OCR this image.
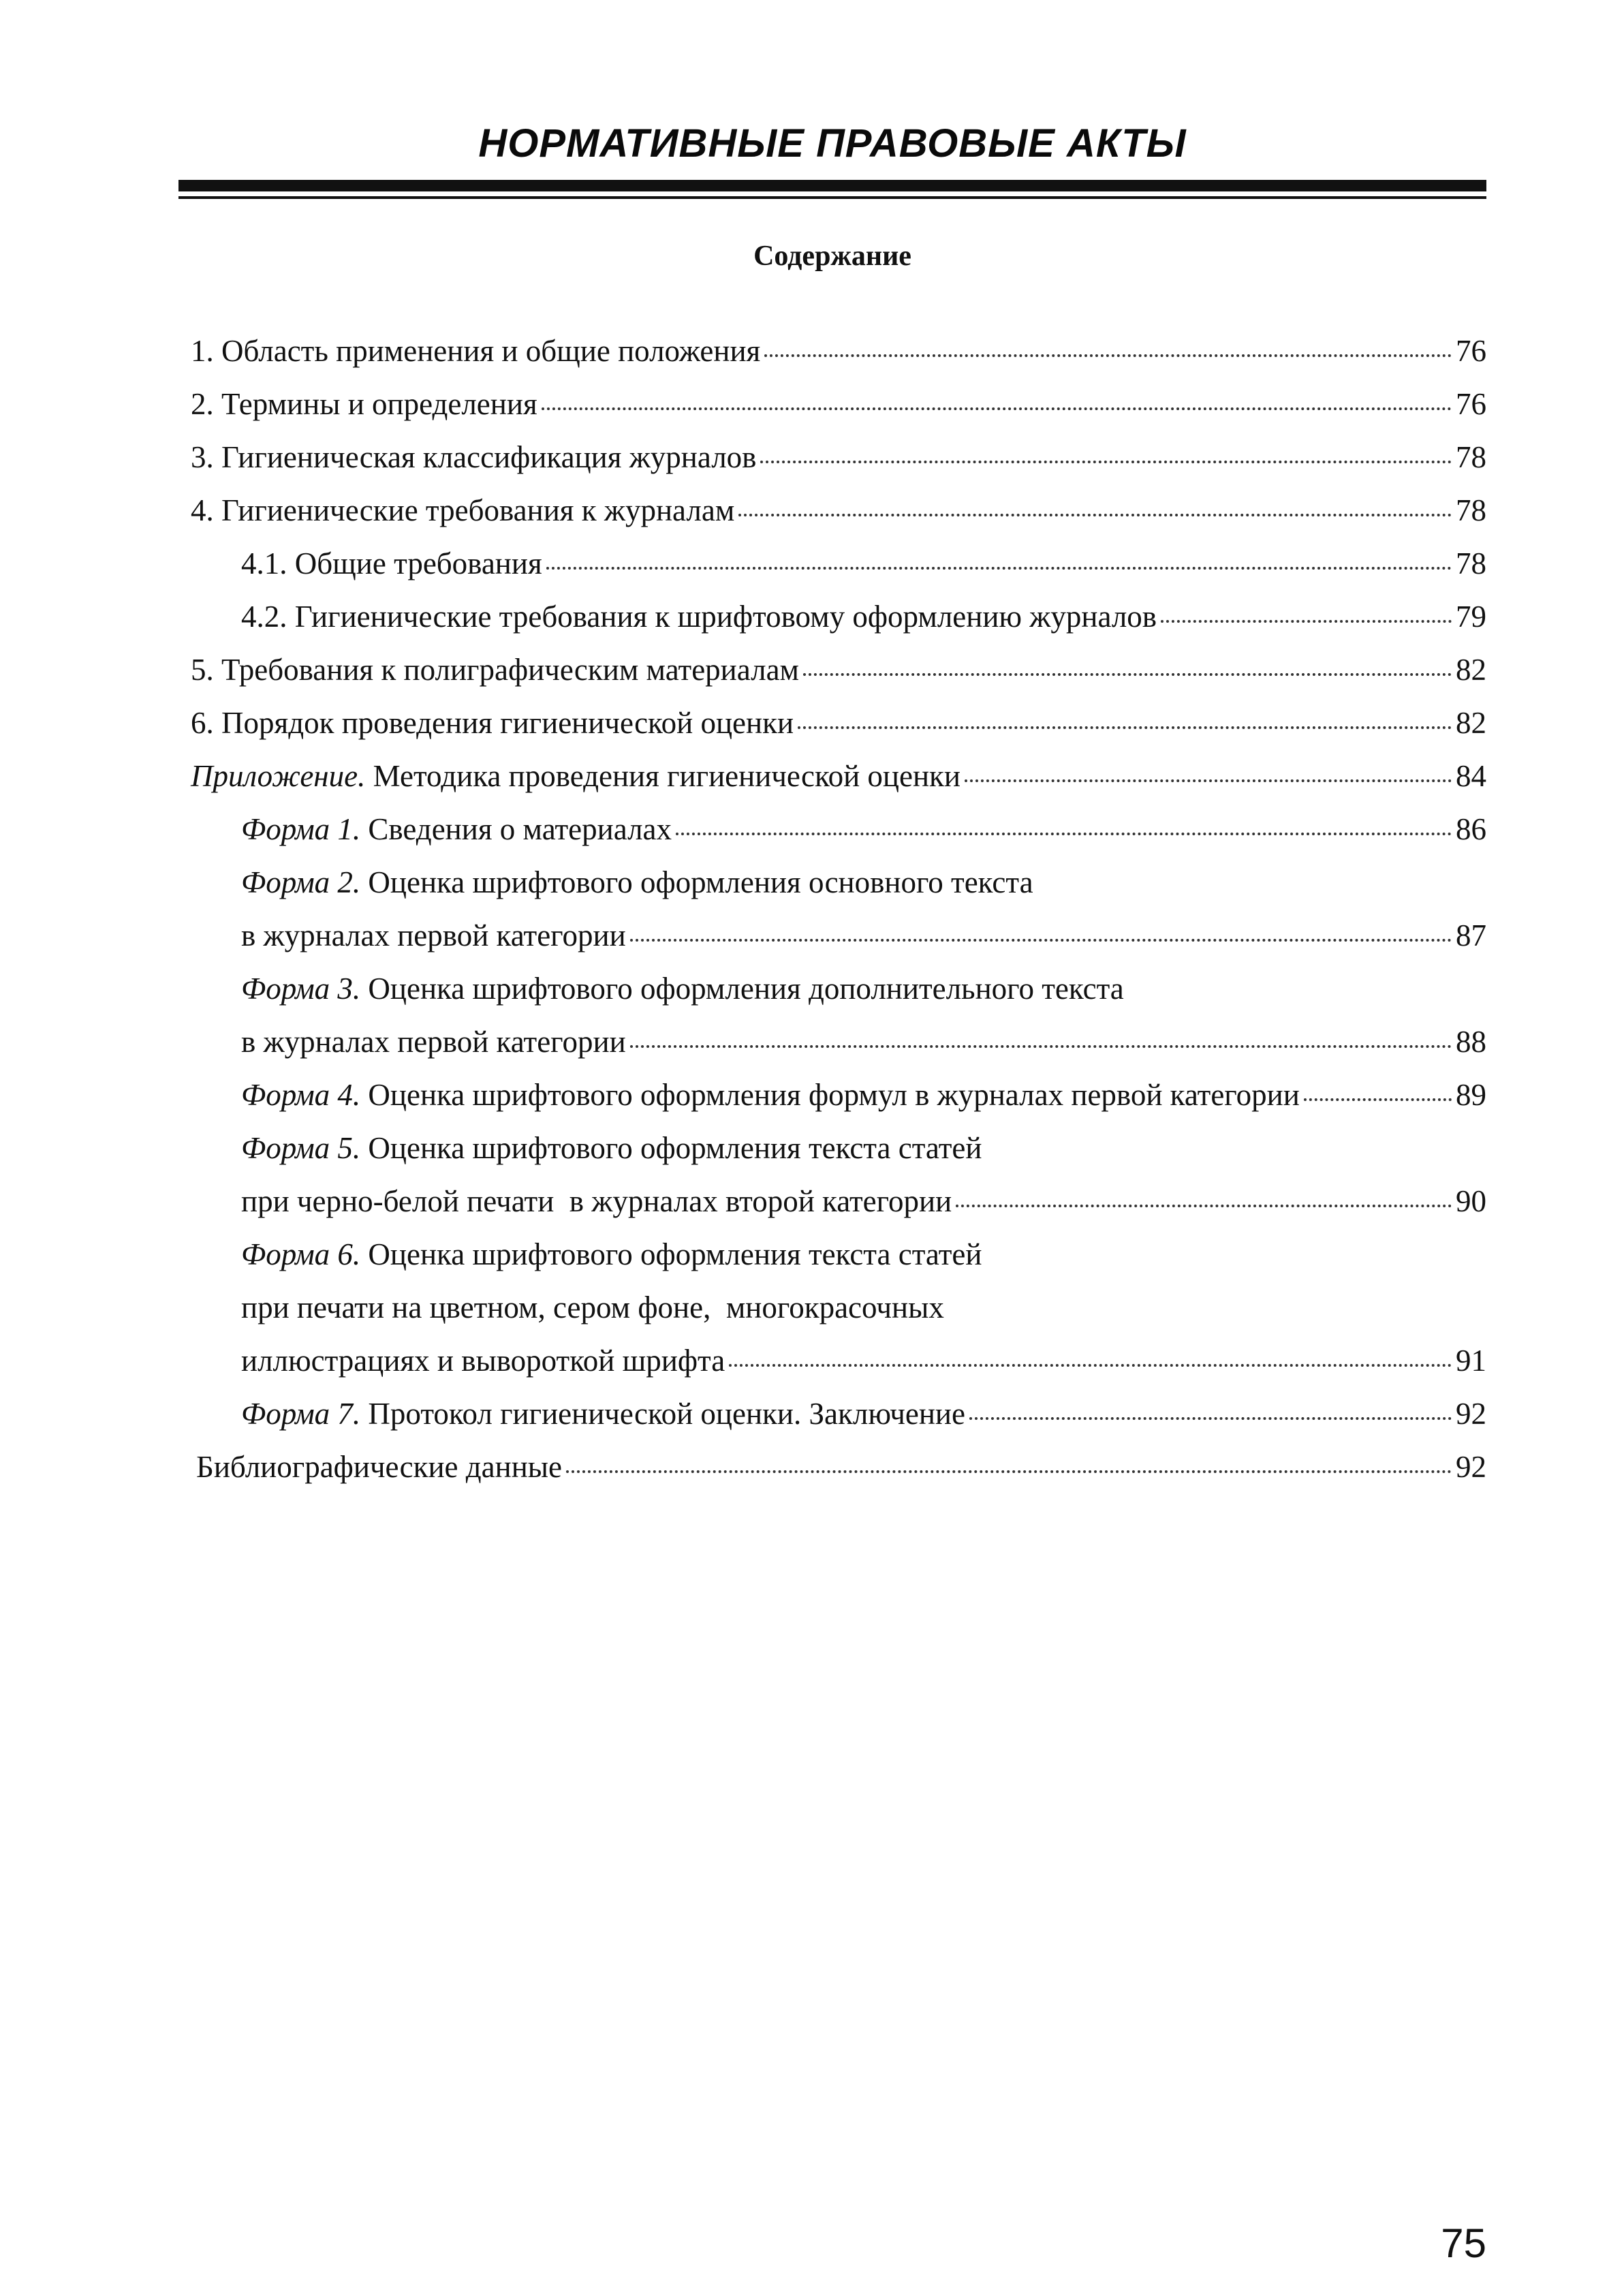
НОРМАТИВНЫЕ ПРАВОВЫЕ АКТЫ
Содержание
1. Область применения и общие положения	76
2. Термины и определения	76
3. Гигиеническая классификация журналов	78
4. Гигиенические требования к журналам	78
4.1. Общие требования	78
4.2. Гигиенические требования к шрифтовому оформлению журналов	79
5. Требования к полиграфическим материалам	82
6. Порядок проведения гигиенической оценки	82
Приложение. Методика проведения гигиенической оценки	84
Форма 1. Сведения о материалах	86
Форма 2. Оценка шрифтового оформления основного текста
в журналах первой категории	87
Форма 3. Оценка шрифтового оформления дополнительного текста
в журналах первой категории	88
Форма 4. Оценка шрифтового оформления формул в журналах первой категории	89
Форма 5. Оценка шрифтового оформления текста статей
при черно-белой печати  в журналах второй категории	90
Форма 6. Оценка шрифтового оформления текста статей
при печати на цветном, сером фоне,  многокрасочных
иллюстрациях и вывороткой шрифта	91
Форма 7. Протокол гигиенической оценки. Заключение	92
Библиографические данные	92
75
